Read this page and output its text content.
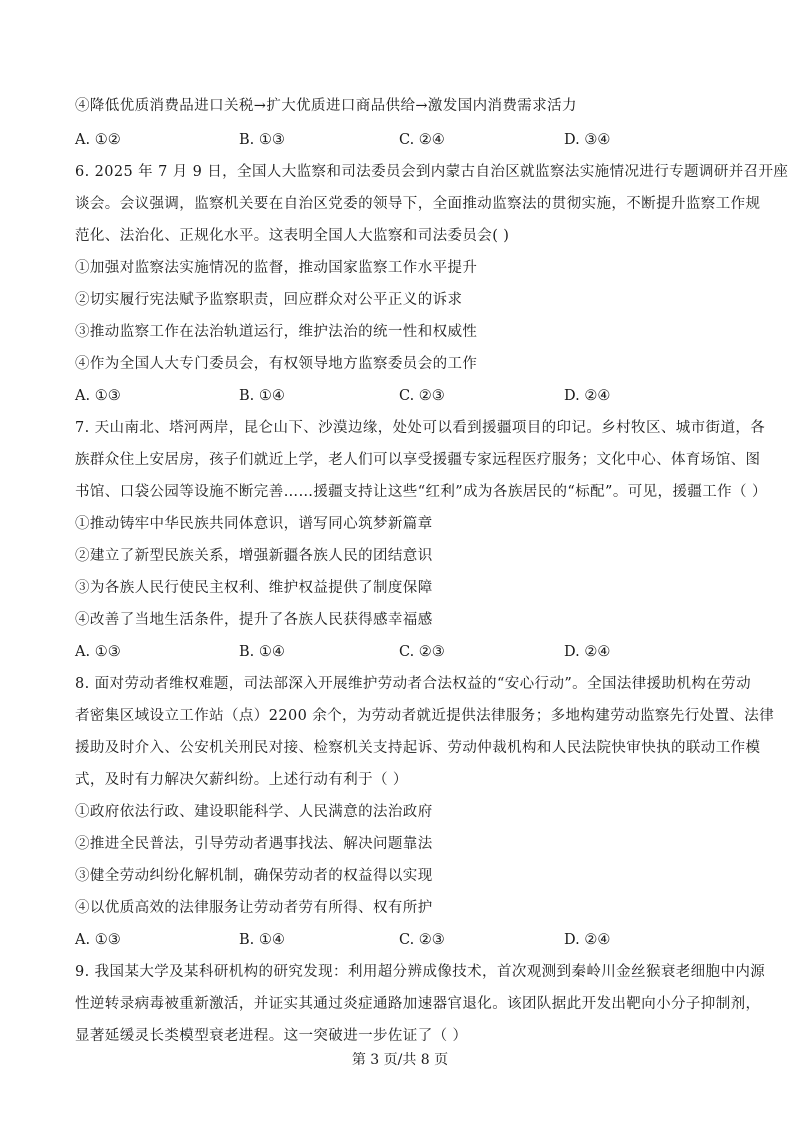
④降低优质消费品进口关税→扩大优质进口商品供给→激发国内消费需求活力
A. ①②	B. ①③	C. ②④	D. ③④
6. 2025 年 7 月 9 日，全国人大监察和司法委员会到内蒙古自治区就监察法实施情况进行专题调研并召开座
谈会。会议强调，监察机关要在自治区党委的领导下，全面推动监察法的贯彻实施，不断提升监察工作规
范化、法治化、正规化水平。这表明全国人大监察和司法委员会( )
①加强对监察法实施情况的监督，推动国家监察工作水平提升
②切实履行宪法赋予监察职责，回应群众对公平正义的诉求
③推动监察工作在法治轨道运行，维护法治的统一性和权威性
④作为全国人大专门委员会，有权领导地方监察委员会的工作
A. ①③	B. ①④	C. ②③	D. ②④
7. 天山南北、塔河两岸，昆仑山下、沙漠边缘，处处可以看到援疆项目的印记。乡村牧区、城市街道，各
族群众住上安居房，孩子们就近上学，老人们可以享受援疆专家远程医疗服务；文化中心、体育场馆、图
书馆、口袋公园等设施不断完善……援疆支持让这些“红利”成为各族居民的“标配”。可见，援疆工作（ ）
①推动铸牢中华民族共同体意识，谱写同心筑梦新篇章
②建立了新型民族关系，增强新疆各族人民的团结意识
③为各族人民行使民主权利、维护权益提供了制度保障
④改善了当地生活条件，提升了各族人民获得感幸福感
A. ①③	B. ①④	C. ②③	D. ②④
8. 面对劳动者维权难题，司法部深入开展维护劳动者合法权益的“安心行动”。全国法律援助机构在劳动
者密集区域设立工作站（点）2200 余个，为劳动者就近提供法律服务；多地构建劳动监察先行处置、法律
援助及时介入、公安机关刑民对接、检察机关支持起诉、劳动仲裁机构和人民法院快审快执的联动工作模
式，及时有力解决欠薪纠纷。上述行动有利于（ ）
①政府依法行政、建设职能科学、人民满意的法治政府
②推进全民普法，引导劳动者遇事找法、解决问题靠法
③健全劳动纠纷化解机制，确保劳动者的权益得以实现
④以优质高效的法律服务让劳动者劳有所得、权有所护
A. ①③	B. ①④	C. ②③	D. ②④
9. 我国某大学及某科研机构的研究发现：利用超分辨成像技术，首次观测到秦岭川金丝猴衰老细胞中内源
性逆转录病毒被重新激活，并证实其通过炎症通路加速器官退化。该团队据此开发出靶向小分子抑制剂，
显著延缓灵长类模型衰老进程。这一突破进一步佐证了（ ）
第 3 页/共 8 页
